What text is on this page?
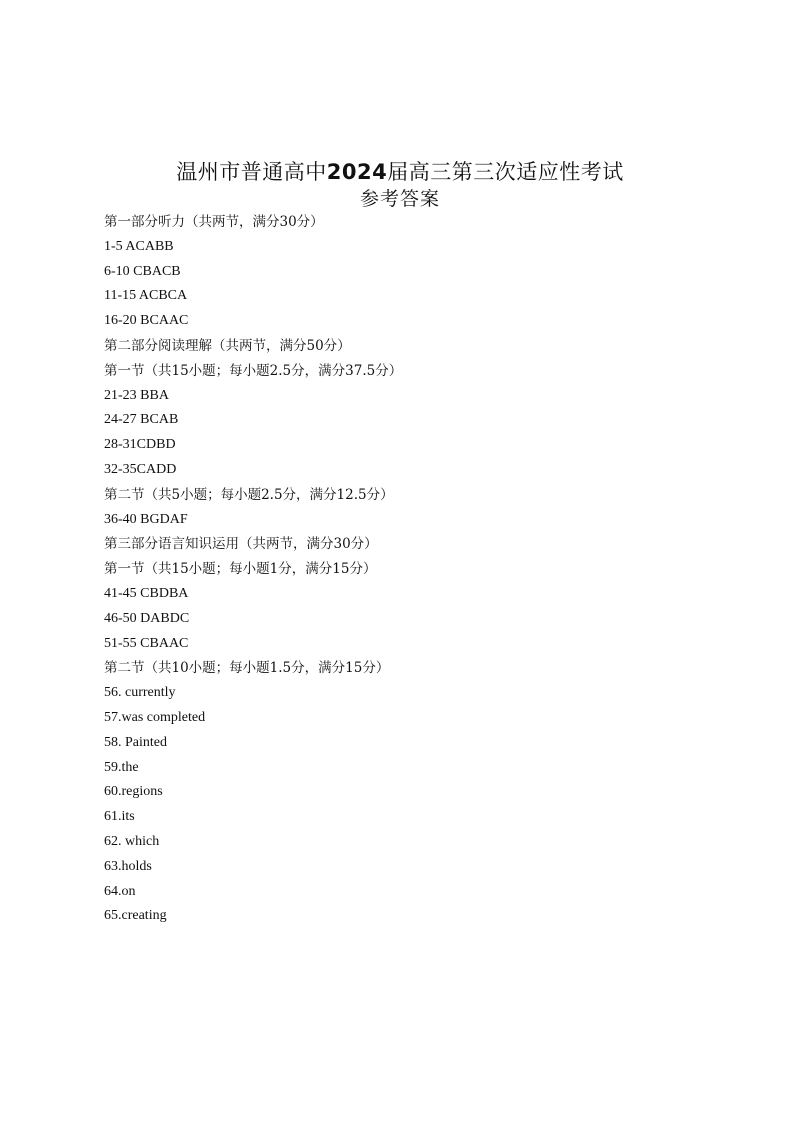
温州市普通高中2024届高三第三次适应性考试
参考答案
第一部分听力（共两节，满分30分）
1-5 ACABB
6-10 CBACB
11-15 ACBCA
16-20 BCAAC
第二部分阅读理解（共两节，满分50分）
第一节（共15小题；每小题2.5分，满分37.5分）
21-23 BBA
24-27 BCAB
28-31CDBD
32-35CADD
第二节（共5小题；每小题2.5分，满分12.5分）
36-40 BGDAF
第三部分语言知识运用（共两节，满分30分）
第一节（共15小题；每小题1分，满分15分）
41-45 CBDBA
46-50 DABDC
51-55 CBAAC
第二节（共10小题；每小题1.5分，满分15分）
56. currently
57.was completed
58. Painted
59.the
60.regions
61.its
62. which
63.holds
64.on
65.creating
